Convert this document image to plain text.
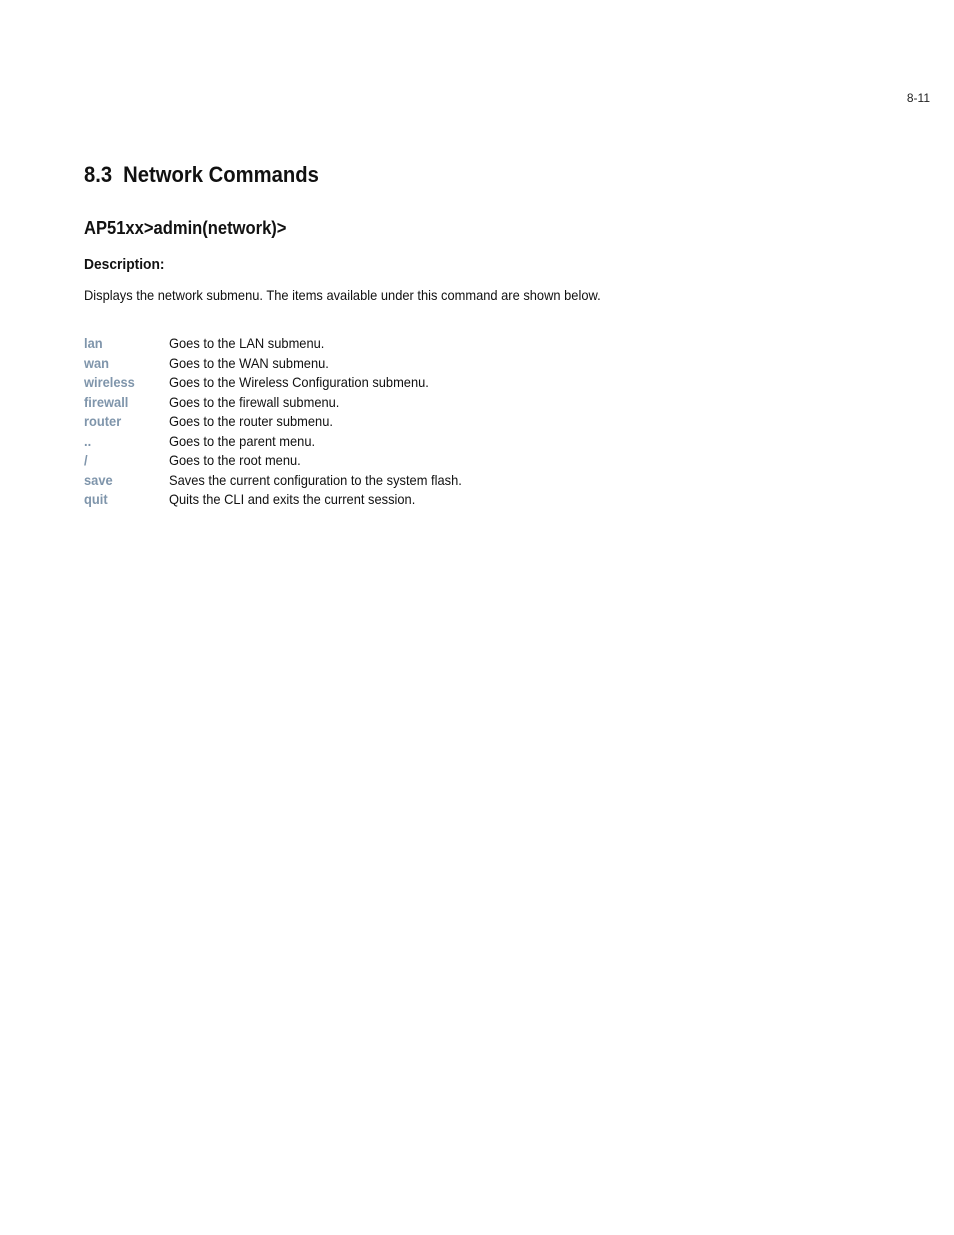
8-11
8.3 Network Commands
AP51xx>admin(network)>
Description:

Displays the network submenu. The items available under this command are shown below.

lan	Goes to the LAN submenu.
wan	Goes to the WAN submenu.
wireless	Goes to the Wireless Configuration submenu.
firewall	Goes to the firewall submenu.
router	Goes to the router submenu.
..	Goes to the parent menu.
/	Goes to the root menu.
save	Saves the current configuration to the system flash.
quit	Quits the CLI and exits the current session.
